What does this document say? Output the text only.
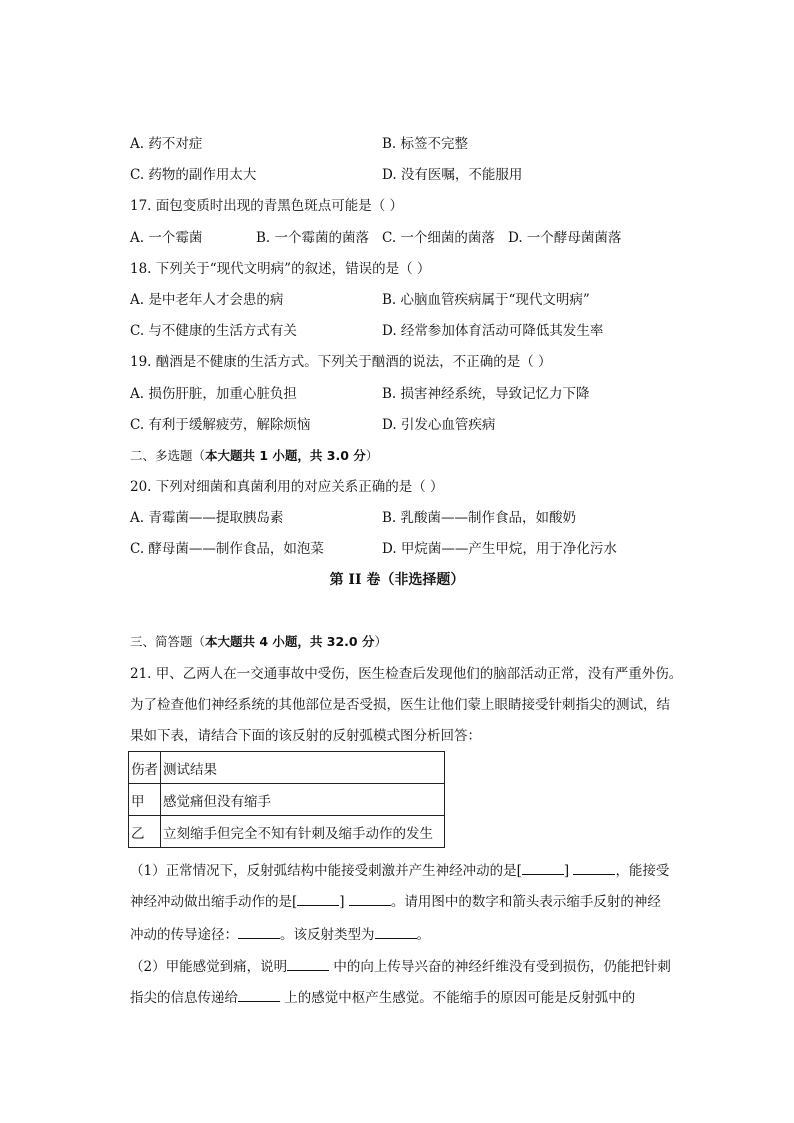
A. 药不对症	B. 标签不完整
C. 药物的副作用太大	D. 没有医嘱，不能服用
17. 面包变质时出现的青黑色斑点可能是（ ）
A. 一个霉菌	B. 一个霉菌的菌落 C. 一个细菌的菌落 D. 一个酵母菌菌落
18. 下列关于“现代文明病”的叙述，错误的是（ ）
A. 是中老年人才会患的病	B. 心脑血管疾病属于“现代文明病”
C. 与不健康的生活方式有关	D. 经常参加体育活动可降低其发生率
19. 酗酒是不健康的生活方式。下列关于酗酒的说法，不正确的是（ ）
A. 损伤肝脏，加重心脏负担	B. 损害神经系统，导致记忆力下降
C. 有利于缓解疲劳，解除烦恼	D. 引发心血管疾病
二、多选题（本大题共 1 小题，共 3.0 分）
20. 下列对细菌和真菌利用的对应关系正确的是（ ）
A. 青霉菌——提取胰岛素	B. 乳酸菌——制作食品，如酸奶
C. 酵母菌——制作食品，如泡菜	D. 甲烷菌——产生甲烷，用于净化污水
第 II 卷（非选择题）
三、简答题（本大题共 4 小题，共 32.0 分）
21. 甲、乙两人在一交通事故中受伤，医生检查后发现他们的脑部活动正常，没有严重外伤。
为了检查他们神经系统的其他部位是否受损，医生让他们蒙上眼睛接受针刺指尖的测试，结
果如下表，请结合下面的该反射的反射弧模式图分析回答：
伤者	测试结果
甲	感觉痛但没有缩手
乙	立刻缩手但完全不知有针刺及缩手动作的发生
（1）正常情况下，反射弧结构中能接受刺激并产生神经冲动的是[	]	，能接受
神经冲动做出缩手动作的是[	]	。请用图中的数字和箭头表示缩手反射的神经
冲动的传导途径：	。该反射类型为	。
（2）甲能感觉到痛，说明	中的向上传导兴奋的神经纤维没有受到损伤，仍能把针刺
指尖的信息传递给	上的感觉中枢产生感觉。不能缩手的原因可能是反射弧中的
